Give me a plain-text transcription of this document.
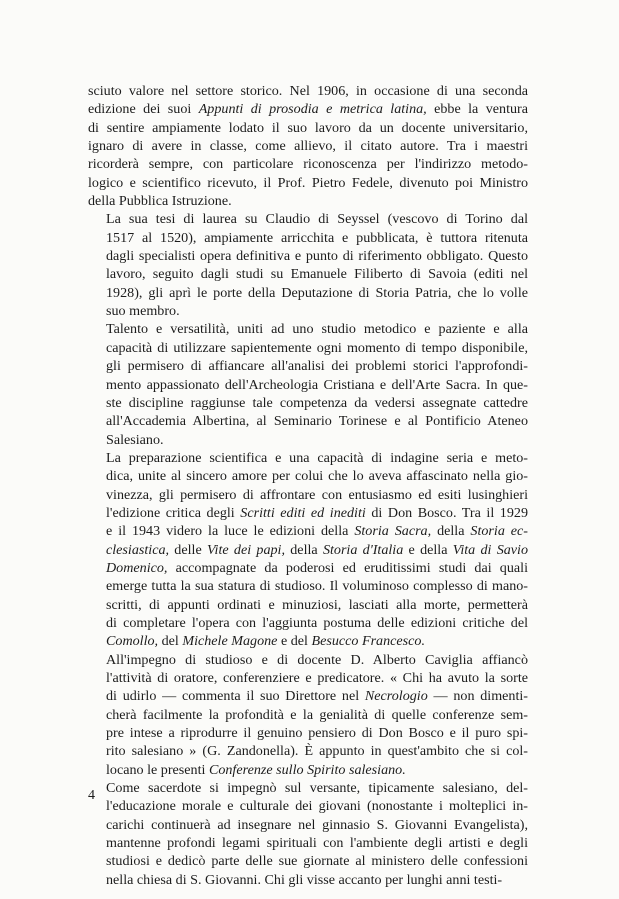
sciuto valore nel settore storico. Nel 1906, in occasione di una seconda
edizione dei suoi Appunti di prosodia e metrica latina, ebbe la ventura
di sentire ampiamente lodato il suo lavoro da un docente universitario,
ignaro di avere in classe, come allievo, il citato autore. Tra i maestri
ricorderà sempre, con particolare riconoscenza per l'indirizzo metodo-
logico e scientifico ricevuto, il Prof. Pietro Fedele, divenuto poi Ministro
della Pubblica Istruzione.

La sua tesi di laurea su Claudio di Seyssel (vescovo di Torino dal
1517 al 1520), ampiamente arricchita e pubblicata, è tuttora ritenuta
dagli specialisti opera definitiva e punto di riferimento obbligato. Questo
lavoro, seguito dagli studi su Emanuele Filiberto di Savoia (editi nel
1928), gli aprì le porte della Deputazione di Storia Patria, che lo volle
suo membro.

Talento e versatilità, uniti ad uno studio metodico e paziente e alla
capacità di utilizzare sapientemente ogni momento di tempo disponibile,
gli permisero di affiancare all'analisi dei problemi storici l'approfondi-
mento appassionato dell'Archeologia Cristiana e dell'Arte Sacra. In que-
ste discipline raggiunse tale competenza da vedersi assegnate cattedre
all'Accademia Albertina, al Seminario Torinese e al Pontificio Ateneo
Salesiano.

La preparazione scientifica e una capacità di indagine seria e meto-
dica, unite al sincero amore per colui che lo aveva affascinato nella gio-
vinezza, gli permisero di affrontare con entusiasmo ed esiti lusinghieri
l'edizione critica degli Scritti editi ed inediti di Don Bosco. Tra il 1929
e il 1943 videro la luce le edizioni della Storia Sacra, della Storia ec-
clesiastica, delle Vite dei papi, della Storia d'Italia e della Vita di Savio
Domenico, accompagnate da poderosi ed eruditissimi studi dai quali
emerge tutta la sua statura di studioso. Il voluminoso complesso di mano-
scritti, di appunti ordinati e minuziosi, lasciati alla morte, permetterà
di completare l'opera con l'aggiunta postuma delle edizioni critiche del
Comollo, del Michele Magone e del Besucco Francesco.

All'impegno di studioso e di docente D. Alberto Caviglia affiancò
l'attività di oratore, conferenziere e predicatore. « Chi ha avuto la sorte
di udirlo — commenta il suo Direttore nel Necrologio — non dimenti-
cherà facilmente la profondità e la genialità di quelle conferenze sem-
pre intese a riprodurre il genuino pensiero di Don Bosco e il puro spi-
rito salesiano » (G. Zandonella). È appunto in quest'ambito che si col-
locano le presenti Conferenze sullo Spirito salesiano.

Come sacerdote si impegnò sul versante, tipicamente salesiano, del-
l'educazione morale e culturale dei giovani (nonostante i molteplici in-
carichi continuerà ad insegnare nel ginnasio S. Giovanni Evangelista),
mantenne profondi legami spirituali con l'ambiente degli artisti e degli
studiosi e dedicò parte delle sue giornate al ministero delle confessioni
nella chiesa di S. Giovanni. Chi gli visse accanto per lunghi anni testi-

4
